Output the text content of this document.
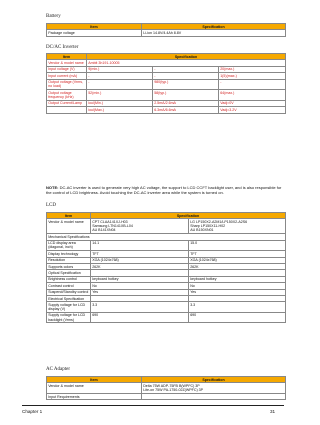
Battery
Item	Specification
Package voltage	Li-ion 14.8V/4.4Ah 8.8V
DC/AC Inverter
Item	Specification		
Vendor & model name	Ambit 3h191-10005		
Input voltage (V)	9(min.)	-	20(max.)
Input current (mA)	-	-	1(5)(max.)
Output voltage (Vrms, no load)	-	980(typ.)	-
Output voltage frequency (kHz)	52(min.)	58(typ.)	64(max.)
Output Current/Lamp	ioul(Min.)	2.5mA/2.6mA	Vadj=0V
	ioul(Max.)	6.3mA/6.6mA	Vadj=3.2V
NOTE: DC-AC inverter is used to generate very high AC voltage, the support to LCD CCFT backlight user, and is also responsible for the control of LCD brightness. Avoid touching the DC-AC inverter area while the system is turned on.
LCD
Item	Specification	
Vendor & model name	CPT CLAA141XJ-H03
Samsung LTN141XB-L04
AU B141XN04	LG LP150X2-A2M1/LP150X2-A2S6
Sharp LP150X11-H02
AU B150XN01

Mechanical Specifications		
LCD display area (diagonal, inch)	14.1	15.0

Display technology	TFT	TFT

Resolution	XGA (1024x768)	XGA (1024x768)

Supports colors	262K	262K

Optical Specification		
Brightness control	keyboard hotkey	keyboard hotkey

Contrast control	No	No

Suspend/Standby control	Yes	Yes

Electrical Specification		
Supply voltage for LCD display (V)	3.3	3.3

Supply voltage for LCD backlight (Vrms)	690	690
AC Adapter
Item	Specification
Vendor & model name	Delta 75W ADP-75FB B(WPFC) 3P
Lite-on 75W PA-1750-02Z(WPFC) 3P

Input Requirements	
Chapter 1	31
